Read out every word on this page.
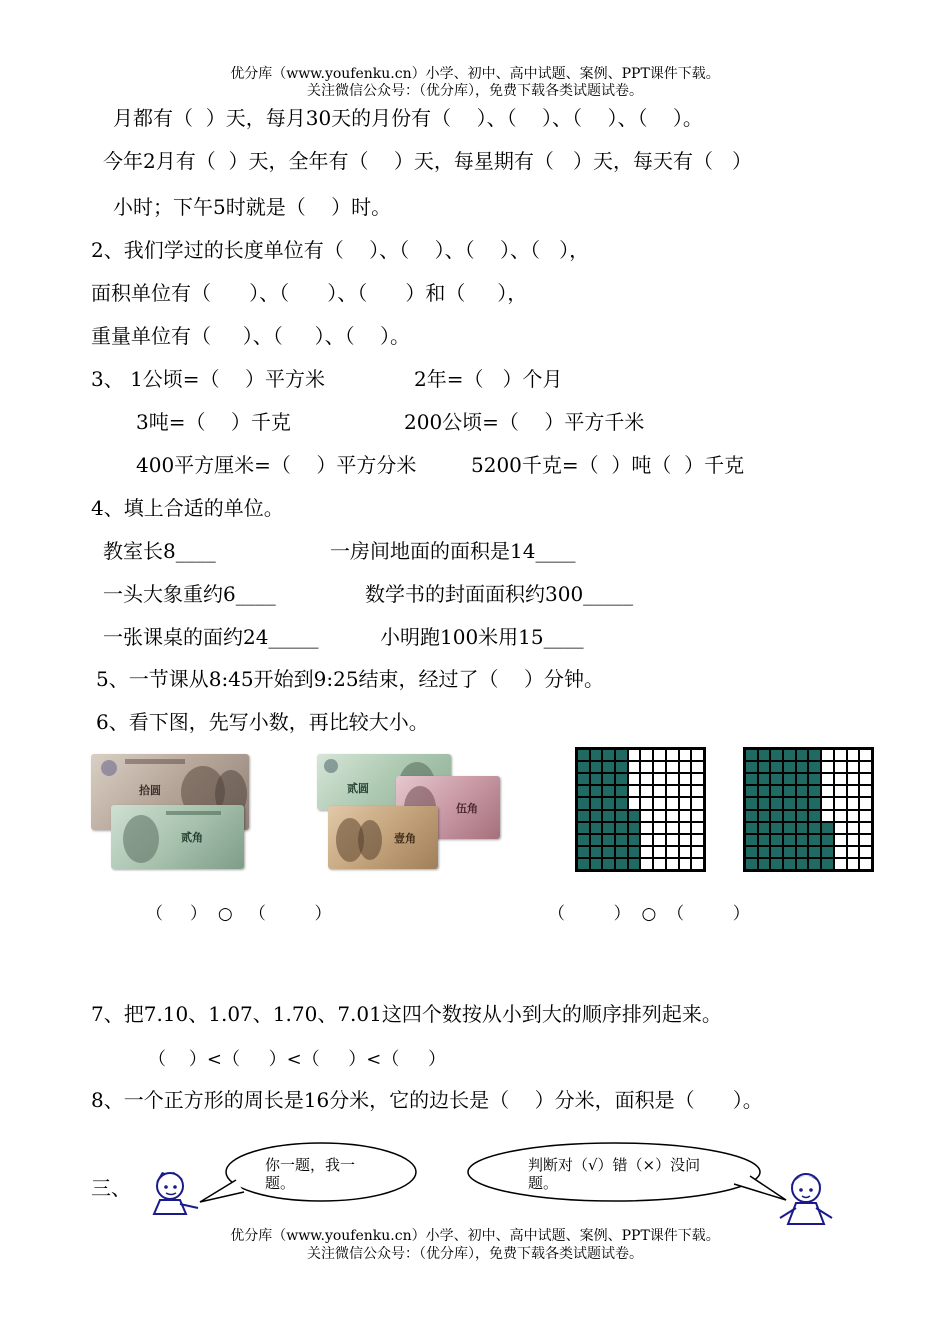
优分库（www.youfenku.cn）小学、初中、高中试题、案例、PPT课件下载。
关注微信公众号：（优分库），免费下载各类试题试卷。
月都有（  ）天，每月30天的月份有（    ）、（    ）、（    ）、（    ）。
今年2月有（  ）天，全年有（    ）天，每星期有（   ）天，每天有（   ）
小时；下午5时就是（    ）时。
2、我们学过的长度单位有（    ）、（    ）、（    ）、（   ），
面积单位有（      ）、（      ）、（      ）和（     ），
重量单位有（     ）、（     ）、（    ）。
3、 1公顷=（    ）平方米	2年=（   ）个月
3吨=（    ）千克	200公顷=（    ）平方千米
400平方厘米=（    ）平方分米	5200千克=（  ）吨（  ）千克
4、填上合适的单位。
教室长8____	一房间地面的面积是14____
一头大象重约6____	数学书的封面面积约300_____
一张课桌的面约24_____	小明跑100米用15____
5、一节课从8:45开始到9:25结束，经过了（    ）分钟。
6、看下图，先写小数，再比较大小。
拾圆
贰角
贰圆
伍角
壹角
（     ）  ○   （         ）	（         ）  ○  （         ）
7、把7.10、1.07、1.70、7.01这四个数按从小到大的顺序排列起来。
（    ）<（     ）<（     ）<（     ）
8、一个正方形的周长是16分米，它的边长是（    ）分米，面积是（      ）。
三、
你一题，我一
题。
判断对（√）错（×）没问
题。
优分库（www.youfenku.cn）小学、初中、高中试题、案例、PPT课件下载。
关注微信公众号：（优分库），免费下载各类试题试卷。
